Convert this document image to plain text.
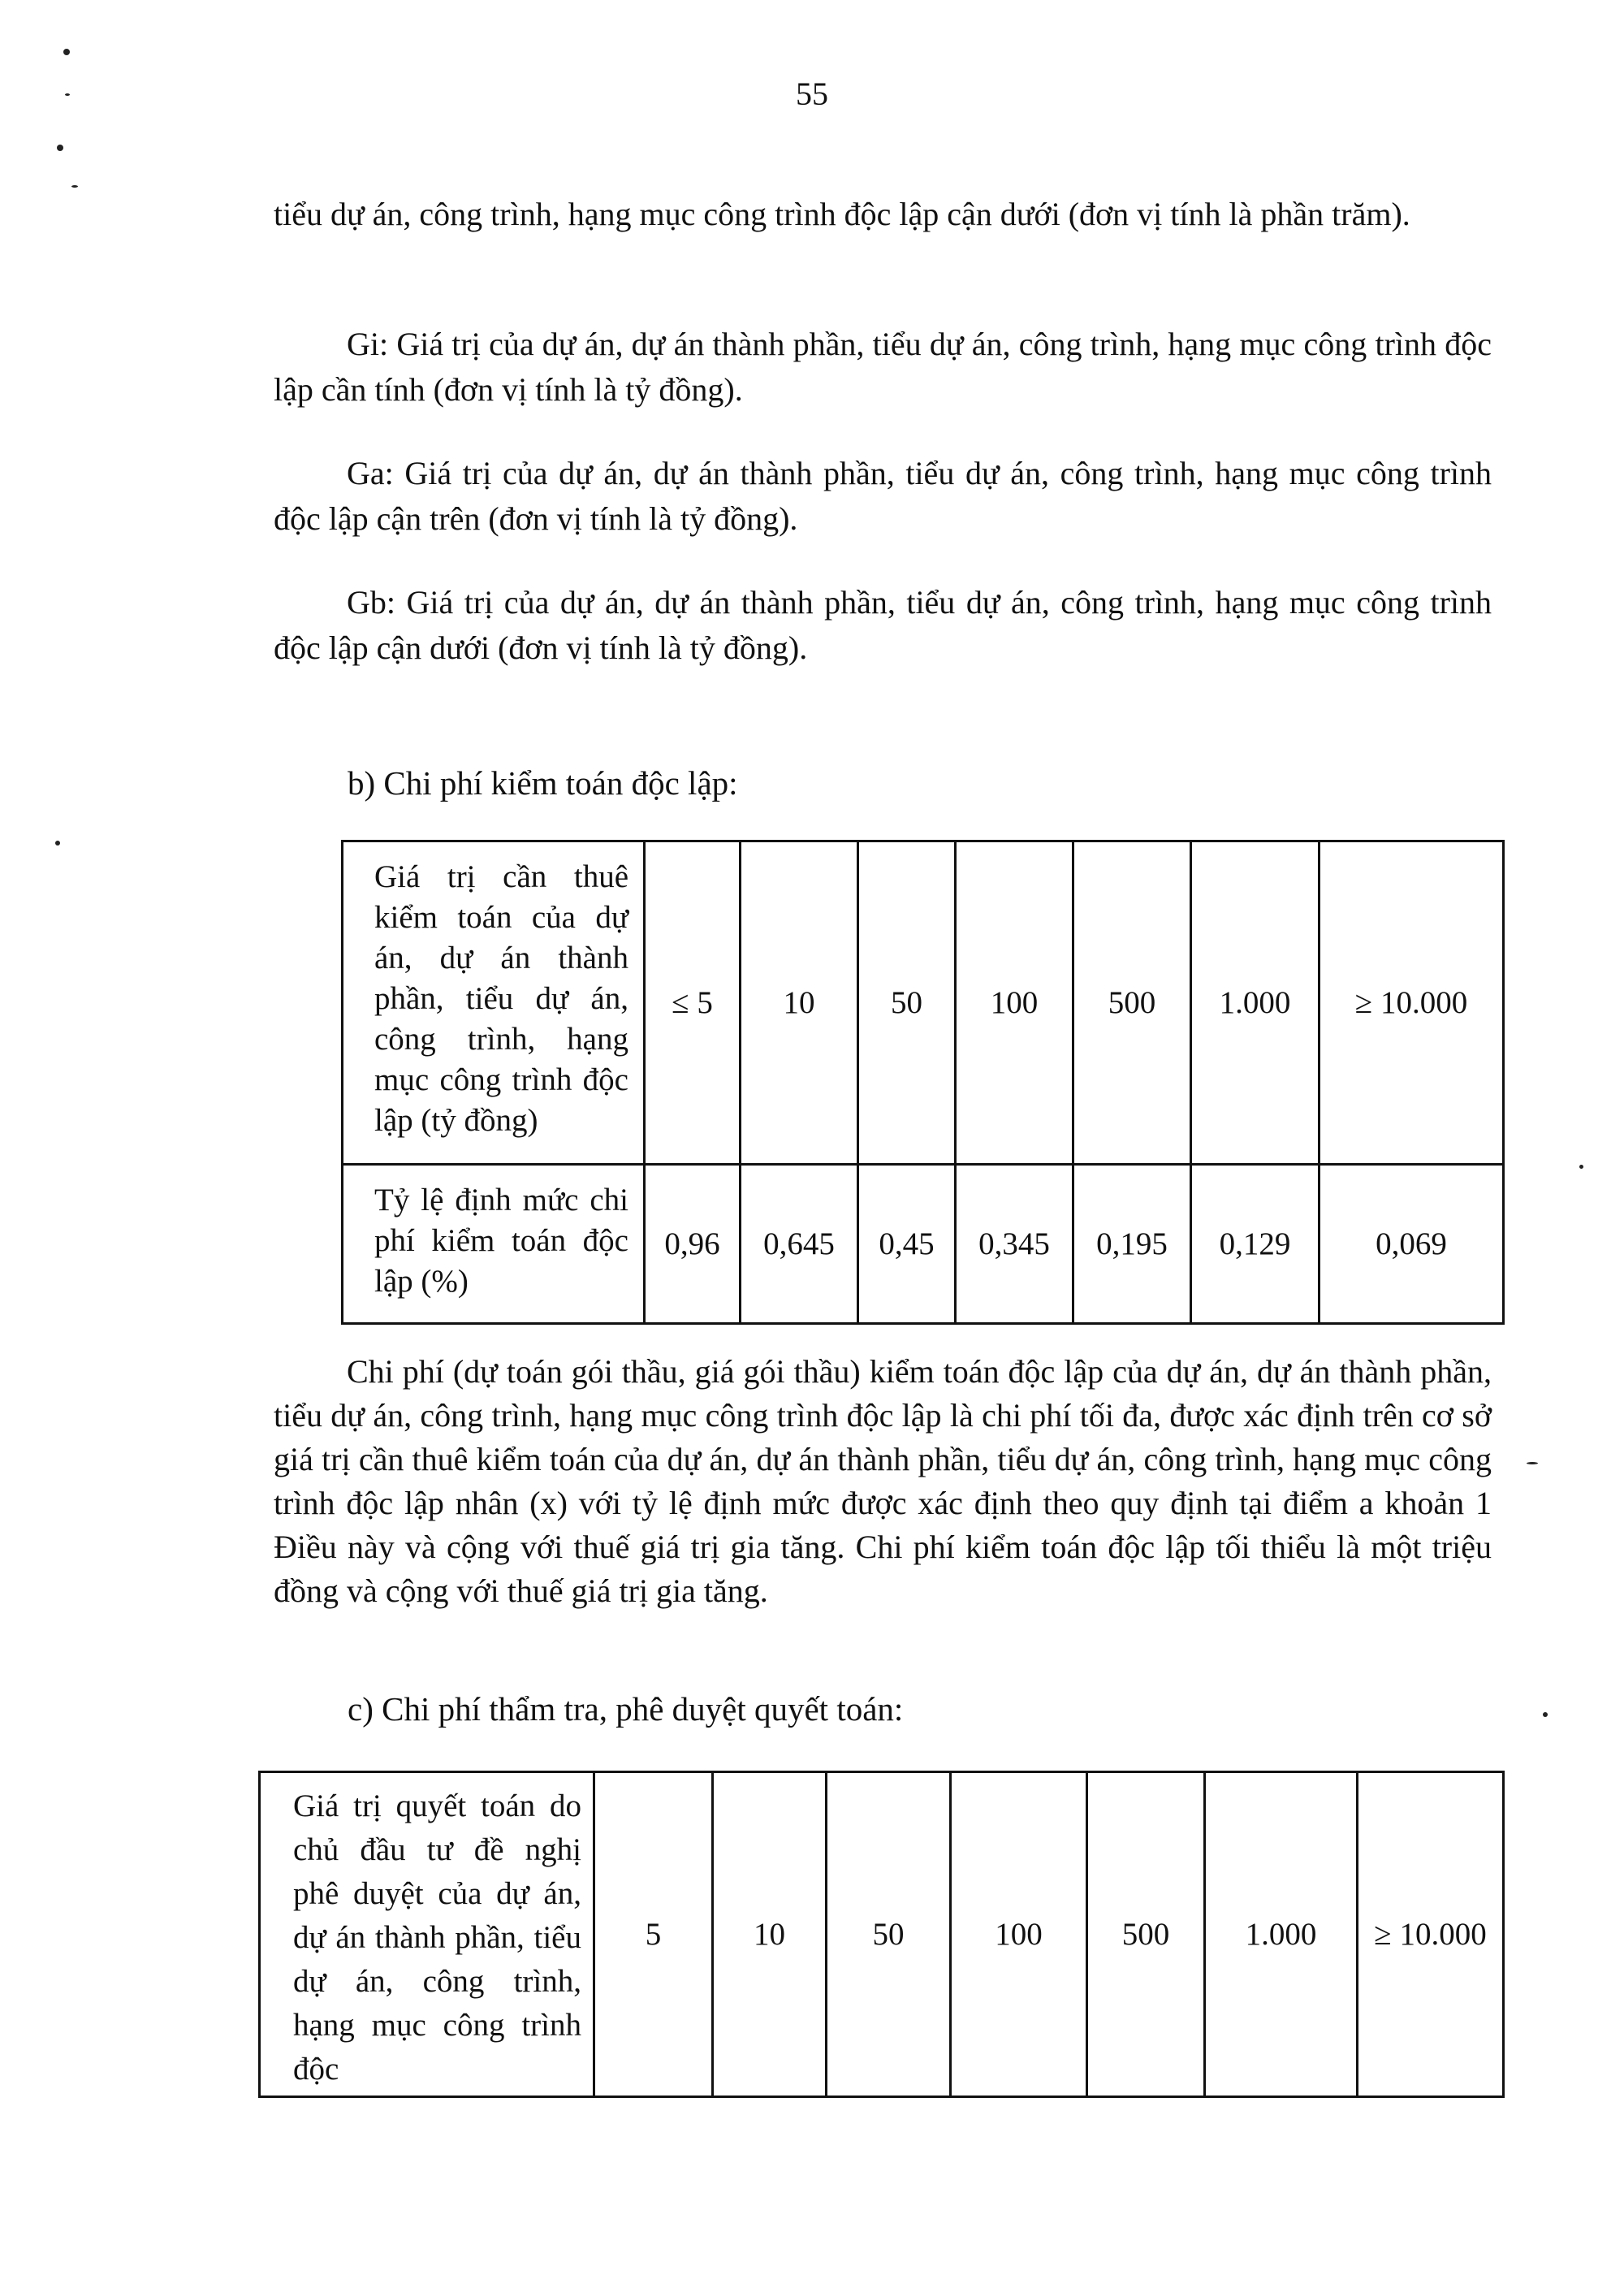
55

tiểu dự án, công trình, hạng mục công trình độc lập cận dưới (đơn vị tính là phần trăm).

Gi: Giá trị của dự án, dự án thành phần, tiểu dự án, công trình, hạng mục công trình độc lập cần tính (đơn vị tính là tỷ đồng).

Ga: Giá trị của dự án, dự án thành phần, tiểu dự án, công trình, hạng mục công trình độc lập cận trên (đơn vị tính là tỷ đồng).

Gb: Giá trị của dự án, dự án thành phần, tiểu dự án, công trình, hạng mục công trình độc lập cận dưới (đơn vị tính là tỷ đồng).

b) Chi phí kiểm toán độc lập:

Giá trị cần thuê kiểm toán của dự án, dự án thành phần, tiểu dự án, công trình, hạng mục công trình độc lập (tỷ đồng)	≤ 5	10	50	100	500	1.000	≥ 10.000
Tỷ lệ định mức chi phí kiểm toán độc lập (%)	0,96	0,645	0,45	0,345	0,195	0,129	0,069

Chi phí (dự toán gói thầu, giá gói thầu) kiểm toán độc lập của dự án, dự án thành phần, tiểu dự án, công trình, hạng mục công trình độc lập là chi phí tối đa, được xác định trên cơ sở giá trị cần thuê kiểm toán của dự án, dự án thành phần, tiểu dự án, công trình, hạng mục công trình độc lập nhân (x) với tỷ lệ định mức được xác định theo quy định tại điểm a khoản 1 Điều này và cộng với thuế giá trị gia tăng. Chi phí kiểm toán độc lập tối thiểu là một triệu đồng và cộng với thuế giá trị gia tăng.

c) Chi phí thẩm tra, phê duyệt quyết toán:

Giá trị quyết toán do chủ đầu tư đề nghị phê duyệt của dự án, dự án thành phần, tiểu dự án, công trình, hạng mục công trình độc	5	10	50	100	500	1.000	≥ 10.000
